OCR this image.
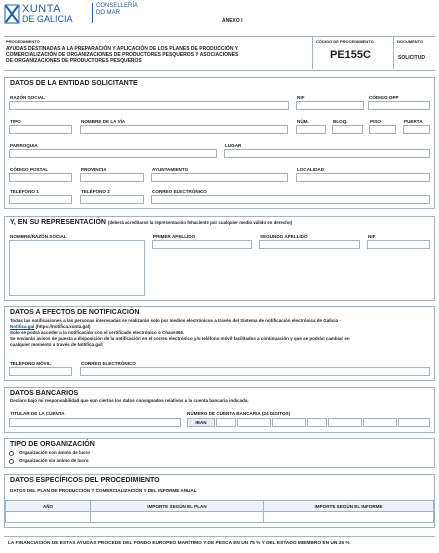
XUNTA
DE GALICIA
CONSELLERÍA
DO MAR
ANEXO I
PROCEDIMIENTO
AYUDAS DESTINADAS A LA PREPARACIÓN Y APLICACIÓN DE LOS PLANES DE PRODUCCIÓN Y
COMERCIALIZACIÓN DE ORGANIZACIONES DE PRODUCTORES PESQUEROS Y ASOCIACIONES
DE ORGANIZACIONES DE PRODUCTORES PESQUEROS
CÓDIGO DE PROCEDIMIENTO
PE155C
DOCUMENTO
SOLICITUD
DATOS DE LA ENTIDAD SOLICITANTE
RAZÓN SOCIAL	NIF	CÓDIGO OPP
TIPO	NOMBRE DE LA VÍA	NÚM.	BLOQ.	PISO	PUERTA
PARROQUIA	LUGAR
CÓDIGO POSTAL	PROVINCIA	AYUNTAMIENTO	LOCALIDAD
TELÉFONO 1	TELÉFONO 2	CORREO ELECTRÓNICO
Y, EN SU REPRESENTACIÓN (deberá acreditarse la representación fehaciente por cualquier medio válido en derecho)
NOMBRE/RAZÓN SOCIAL	PRIMER APELLIDO	SEGUNDO APELLIDO	NIF
DATOS A EFECTOS DE NOTIFICACIÓN
Todas las notificaciones a las personas interesadas se realizarán solo por medios electrónicos a través del Sistema de notificación electrónica de Galicia -
Notifica.gal (https://notifica.xunta.gal)
Solo se podrá acceder a la notificación con el certificado electrónico o Chave365.
Se enviarán avisos de puesta a disposición de la notificación en el correo electrónico y/o teléfono móvil facilitados a continuación y que se podrán cambiar en
cualquier momento a través de Notifica.gal:
TELÉFONO MÓVIL	CORREO ELECTRÓNICO
DATOS BANCARIOS
Declaro bajo mi responsabilidad que son ciertos los datos consignados relativos a la cuenta bancaria indicada.
TITULAR DE LA CUENTA	NÚMERO DE CUENTA BANCARIA (24 DÍGITOS)
IBAN
TIPO DE ORGANIZACIÓN
Organización con ánimo de lucro
Organización sin ánimo de lucro
DATOS ESPECÍFICOS DEL PROCEDIMIENTO
DATOS DEL PLAN DE PRODUCCIÓN Y COMERCIALIZACIÓN Y DEL INFORME ANUAL
AÑO	IMPORTE SEGÚN EL PLAN	IMPORTE SEGÚN EL INFORME

LA FINANCIACIÓN DE ESTAS AYUDAS PROCEDE DEL FONDO EUROPEO MARÍTIMO Y DE PESCA EN UN 75 % Y DEL ESTADO MIEMBRO EN UN 25 %
